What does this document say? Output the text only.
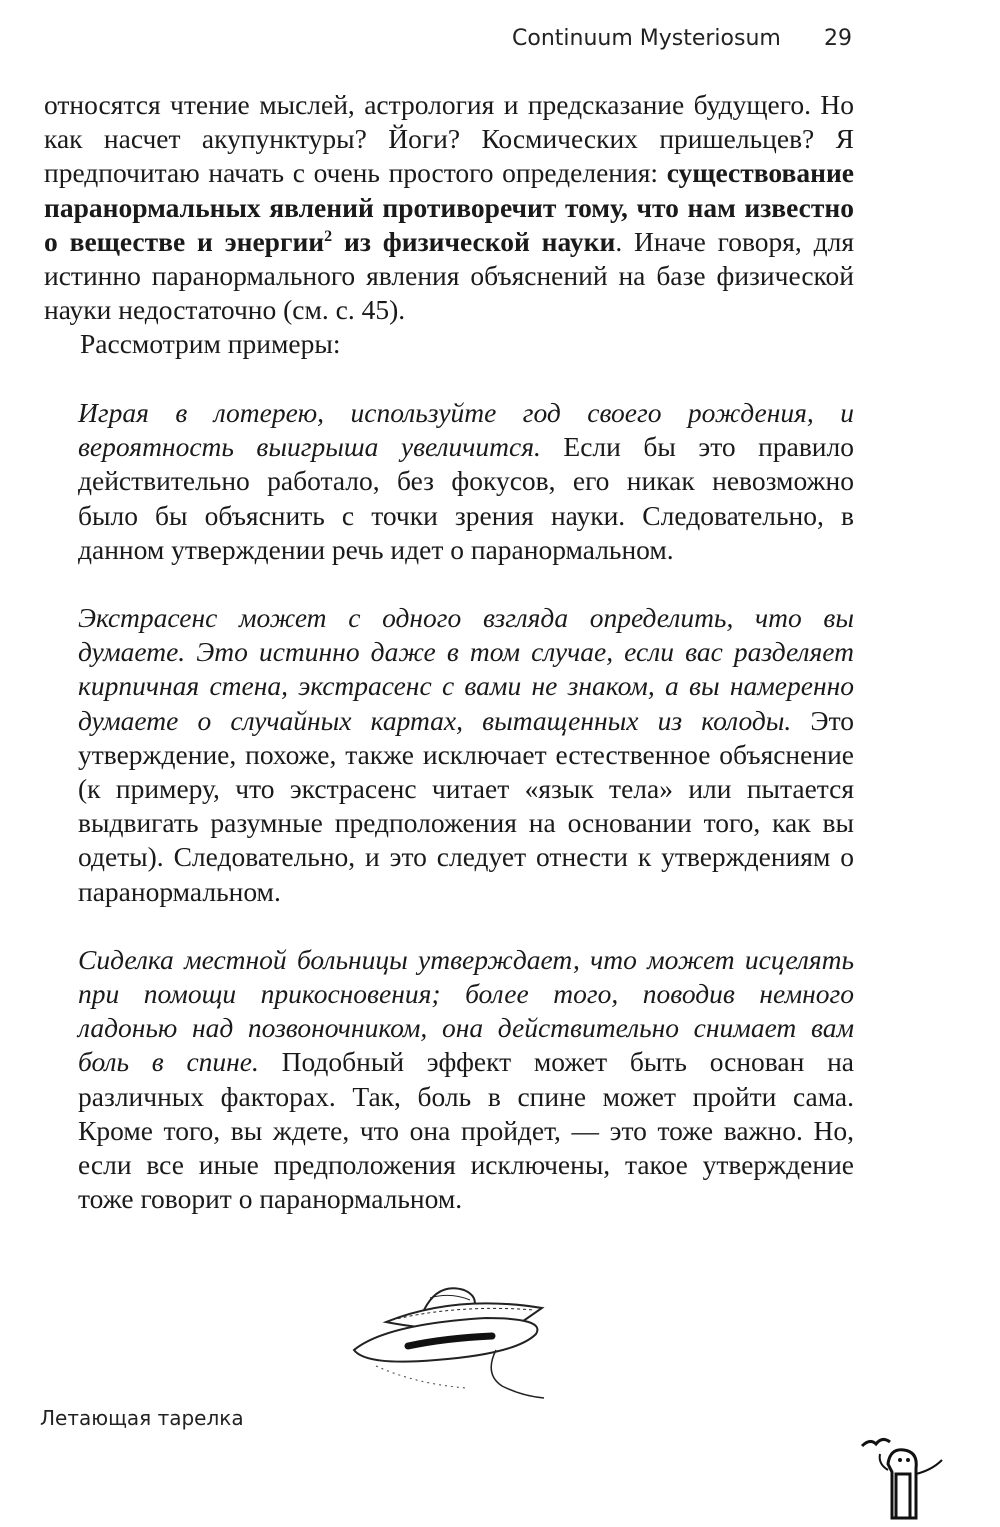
Continuum Mysteriosum 29

относятся чтение мыслей, астрология и предсказание будущего. Но как насчет акупунктуры? Йоги? Космических пришельцев? Я предпочитаю начать с очень простого определения: существование паранормальных явлений противоречит тому, что нам известно о веществе и энергии$^2$ из физической науки. Иначе говоря, для истинно паранормального явления объяснений на базе физической науки недостаточно (см. с. 45).

Рассмотрим примеры:

Играя в лотерею, используйте год своего рождения, и вероятность выигрыша увеличится. Если бы это правило действительно работало, без фокусов, его никак невозможно было бы объяснить с точки зрения науки. Следовательно, в данном утверждении речь идет о паранормальном.

Экстрасенс может с одного взгляда определить, что вы думаете. Это истинно даже в том случае, если вас разделяет кирпичная стена, экстрасенс с вами не знаком, а вы намеренно думаете о случайных картах, вытащенных из колоды. Это утверждение, похоже, также исключает естественное объяснение (к примеру, что экстрасенс читает «язык тела» или пытается выдвигать разумные предположения на основании того, как вы одеты). Следовательно, и это следует отнести к утверждениям о паранормальном.

Сиделка местной больницы утверждает, что может исцелять при помощи прикосновения; более того, поводив немного ладонью над позвоночником, она действительно снимает вам боль в спине. Подобный эффект может быть основан на различных факторах. Так, боль в спине может пройти сама. Кроме того, вы ждете, что она пройдет, — это тоже важно. Но, если все иные предположения исключены, такое утверждение тоже говорит о паранормальном.

Летающая тарелка
